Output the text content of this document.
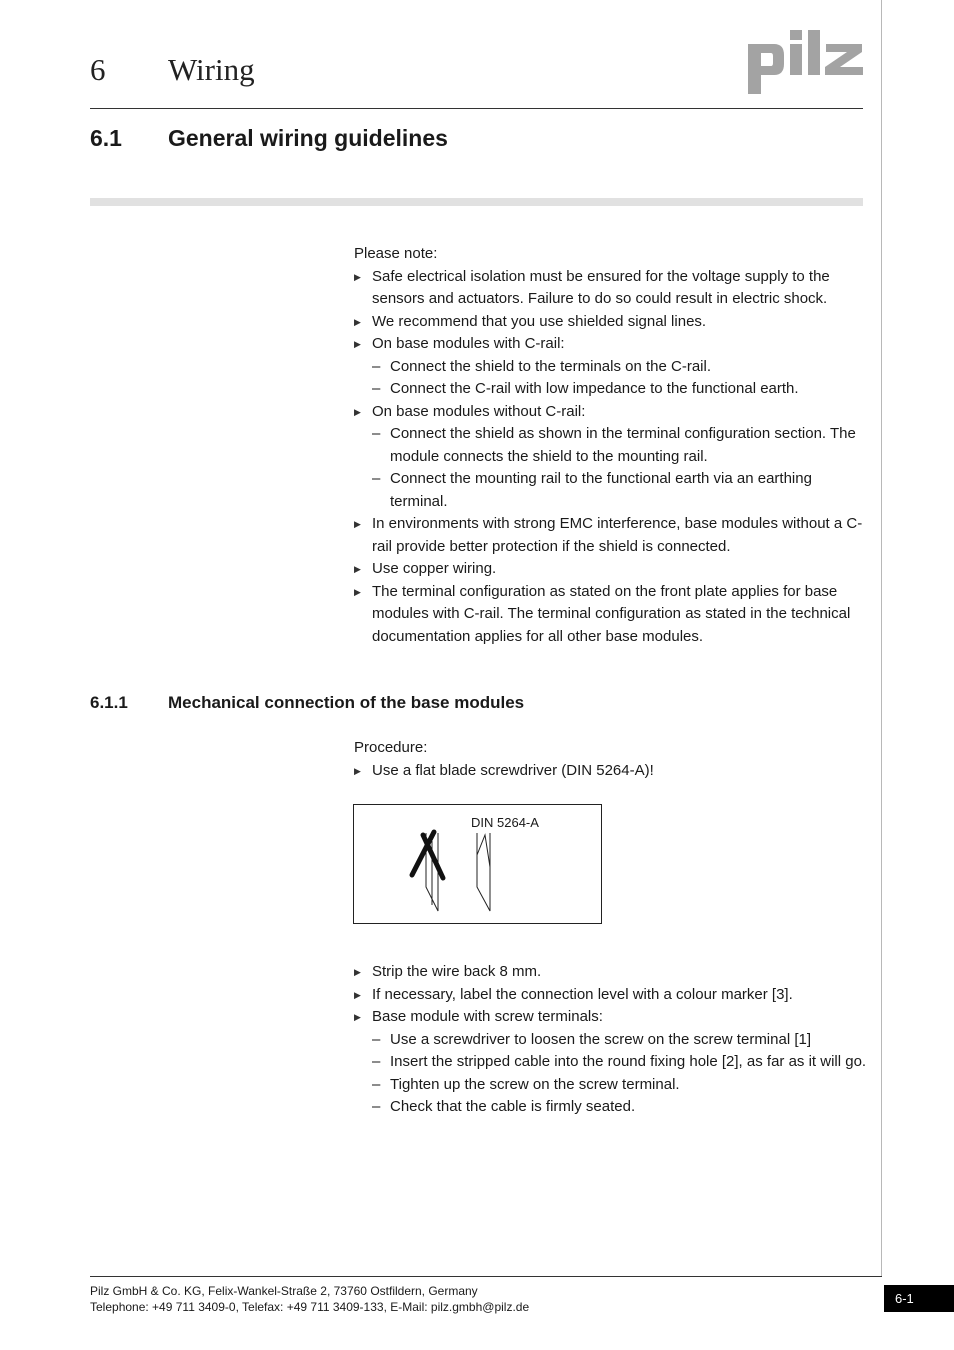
6 Wiring
6.1 General wiring guidelines
Please note:
▶ Safe electrical isolation must be ensured for the voltage supply to the sensors and actuators. Failure to do so could result in electric shock.
▶ We recommend that you use shielded signal lines.
▶ On base modules with C-rail:
– Connect the shield to the terminals on the C-rail.
– Connect the C-rail with low impedance to the functional earth.
▶ On base modules without C-rail:
– Connect the shield as shown in the terminal configuration section. The module connects the shield to the mounting rail.
– Connect the mounting rail to the functional earth via an earthing terminal.
▶ In environments with strong EMC interference, base modules without a C-rail provide better protection if the shield is connected.
▶ Use copper wiring.
▶ The terminal configuration as stated on the front plate applies for base modules with C-rail. The terminal configuration as stated in the technical documentation applies for all other base modules.
6.1.1 Mechanical connection of the base modules
Procedure:
▶ Use a flat blade screwdriver (DIN 5264-A)!
DIN 5264-A
▶ Strip the wire back 8 mm.
▶ If necessary, label the connection level with a colour marker [3].
▶ Base module with screw terminals:
– Use a screwdriver to loosen the screw on the screw terminal [1]
– Insert the stripped cable into the round fixing hole [2], as far as it will go.
– Tighten up the screw on the screw terminal.
– Check that the cable is firmly seated.
Pilz GmbH & Co. KG, Felix-Wankel-Straße 2, 73760 Ostfildern, Germany
Telephone: +49 711 3409-0, Telefax: +49 711 3409-133, E-Mail: pilz.gmbh@pilz.de
6-1
